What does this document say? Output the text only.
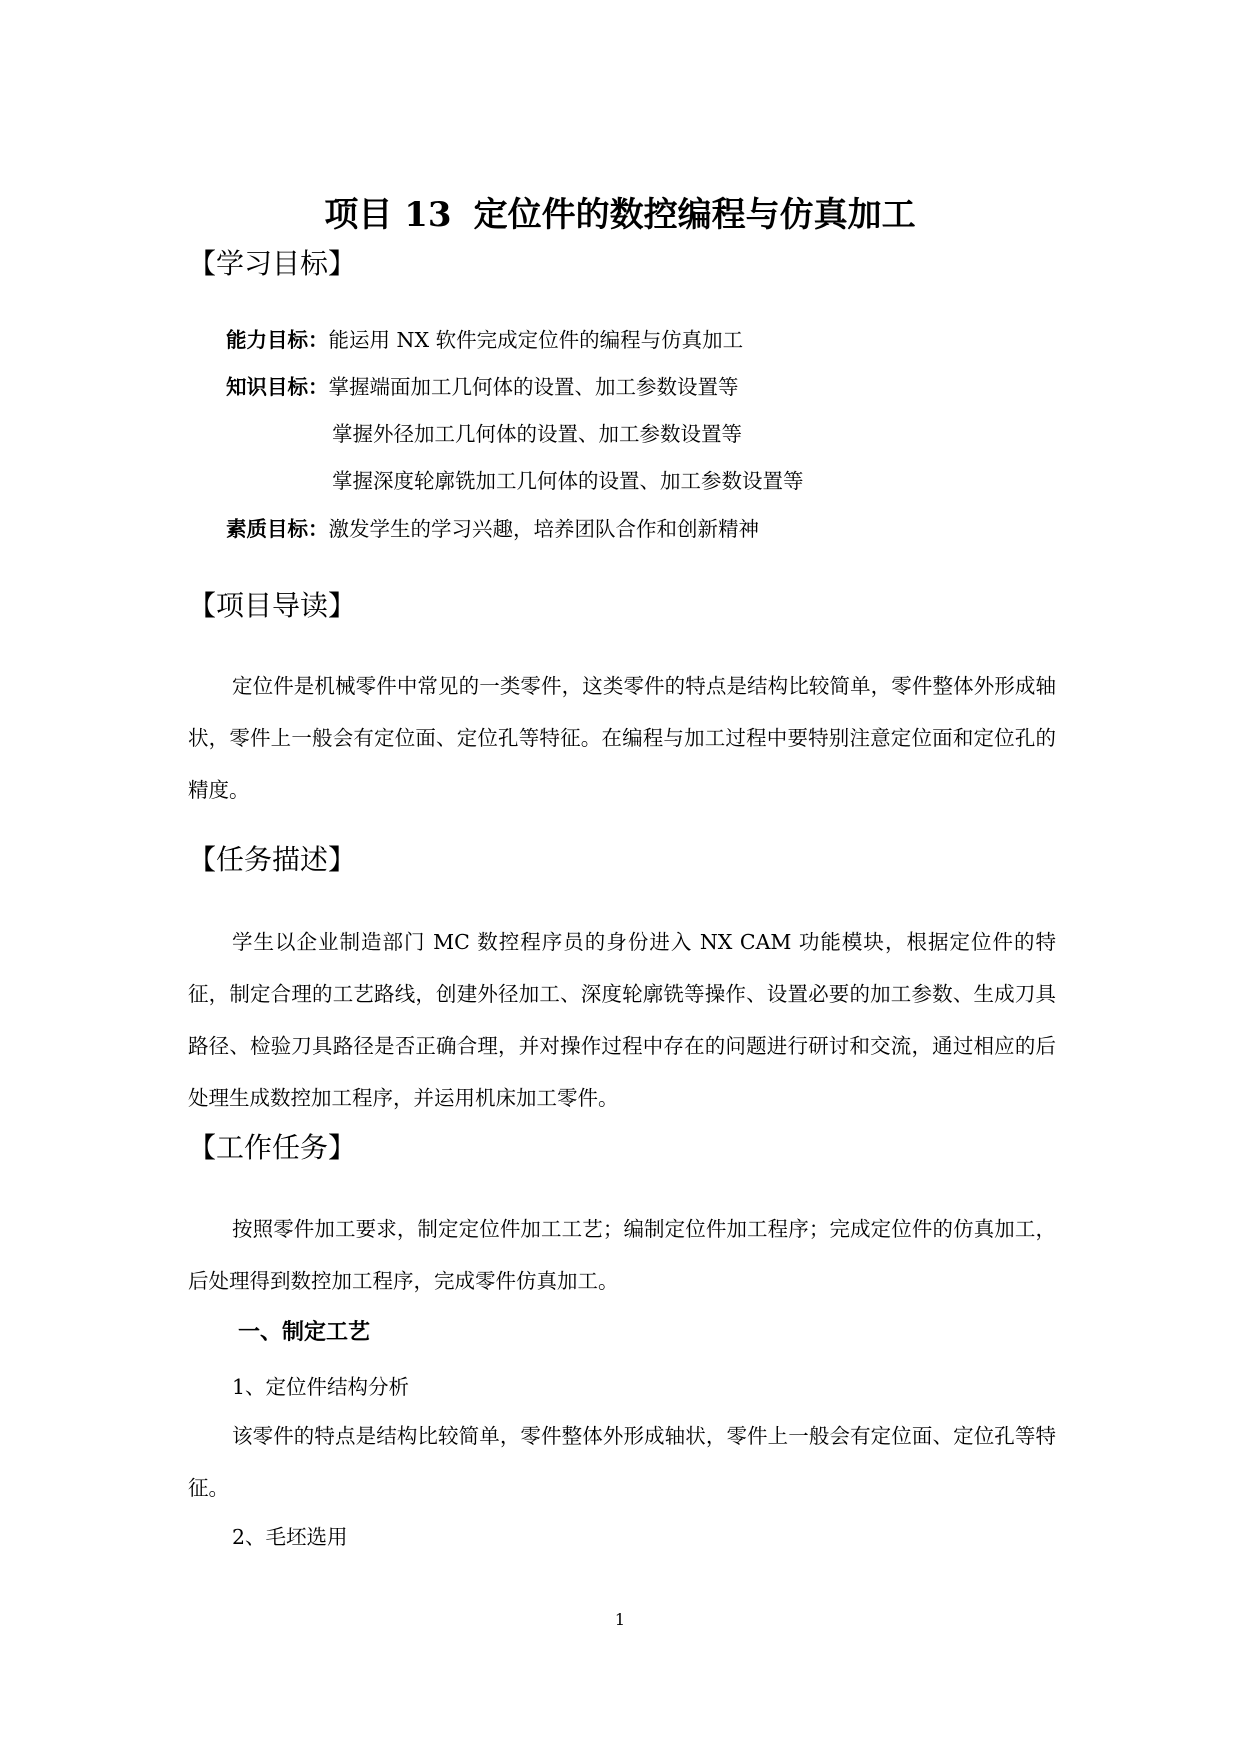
项目 13 定位件的数控编程与仿真加工
【学习目标】
能力目标：能运用 NX 软件完成定位件的编程与仿真加工
知识目标：掌握端面加工几何体的设置、加工参数设置等
掌握外径加工几何体的设置、加工参数设置等
掌握深度轮廓铣加工几何体的设置、加工参数设置等
素质目标：激发学生的学习兴趣，培养团队合作和创新精神
【项目导读】

定位件是机械零件中常见的一类零件，这类零件的特点是结构比较简单，零件整体外形成轴状，零件上一般会有定位面、定位孔等特征。在编程与加工过程中要特别注意定位面和定位孔的精度。

【任务描述】

学生以企业制造部门 MC 数控程序员的身份进入 NX CAM 功能模块，根据定位件的特征，制定合理的工艺路线，创建外径加工、深度轮廓铣等操作、设置必要的加工参数、生成刀具路径、检验刀具路径是否正确合理，并对操作过程中存在的问题进行研讨和交流，通过相应的后处理生成数控加工程序，并运用机床加工零件。

【工作任务】

按照零件加工要求，制定定位件加工工艺；编制定位件加工程序；完成定位件的仿真加工，后处理得到数控加工程序，完成零件仿真加工。

一、制定工艺
1、定位件结构分析

该零件的特点是结构比较简单，零件整体外形成轴状，零件上一般会有定位面、定位孔等特征。

2、毛坯选用
1
